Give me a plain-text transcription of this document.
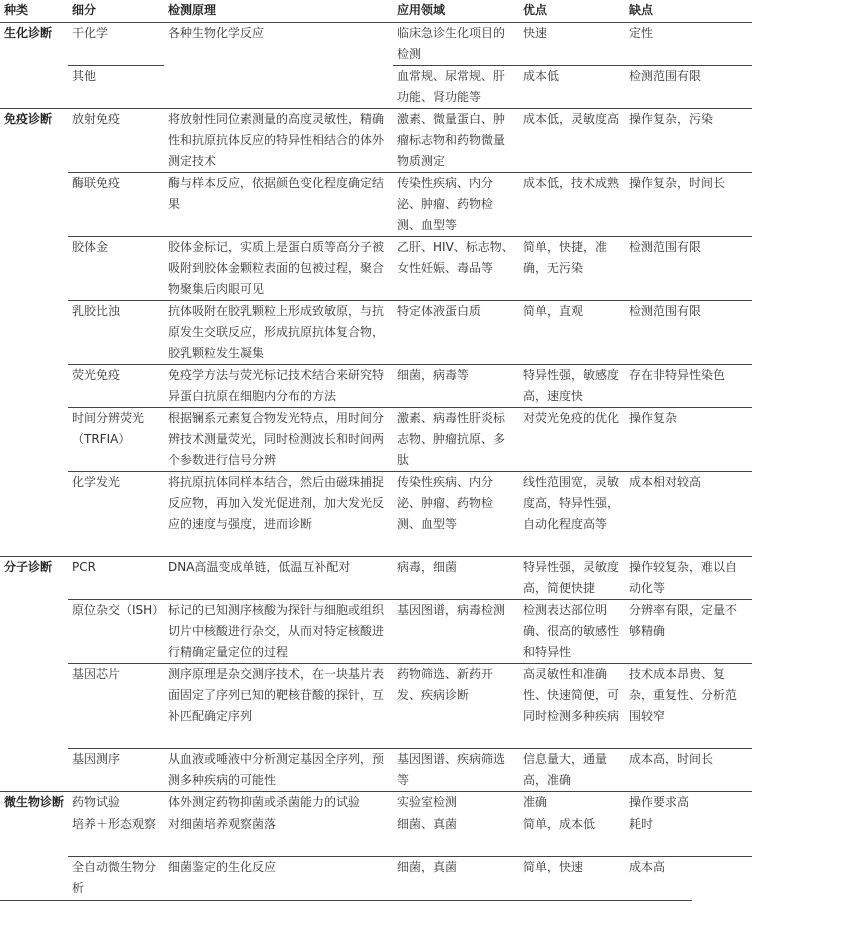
种类	细分	检测原理	应用领域	优点	缺点
生化诊断	干化学	各种生物化学反应	临床急诊生化项目的检测	快速	定性
	其他		血常规、尿常规、肝功能、肾功能等	成本低	检测范围有限
免疫诊断	放射免疫	将放射性同位素测量的高度灵敏性，精确性和抗原抗体反应的特异性相结合的体外测定技术	激素、微量蛋白、肿瘤标志物和药物微量物质测定	成本低，灵敏度高	操作复杂，污染
	酶联免疫	酶与样本反应，依据颜色变化程度确定结果	传染性疾病、内分泌、肿瘤、药物检测、血型等	成本低，技术成熟	操作复杂，时间长
	胶体金	胶体金标记，实质上是蛋白质等高分子被吸附到胶体金颗粒表面的包被过程，聚合物聚集后肉眼可见	乙肝、HIV、标志物、女性妊娠、毒品等	简单，快捷，准确，无污染	检测范围有限
	乳胶比浊	抗体吸附在胶乳颗粒上形成致敏原，与抗原发生交联反应，形成抗原抗体复合物，胶乳颗粒发生凝集	特定体液蛋白质	简单，直观	检测范围有限
	荧光免疫	免疫学方法与荧光标记技术结合来研究特异蛋白抗原在细胞内分布的方法	细菌，病毒等	特异性强，敏感度高，速度快	存在非特异性染色
	时间分辨荧光（TRFIA）	根据镧系元素复合物发光特点，用时间分辨技术测量荧光，同时检测波长和时间两个参数进行信号分辨	激素、病毒性肝炎标志物、肿瘤抗原、多肽	对荧光免疫的优化	操作复杂
	化学发光	将抗原抗体同样本结合，然后由磁珠捕捉反应物，再加入发光促进剂，加大发光反应的速度与强度，进而诊断	传染性疾病、内分泌、肿瘤、药物检测、血型等	线性范围宽，灵敏度高，特异性强，自动化程度高等	成本相对较高
分子诊断	PCR	DNA高温变成单链，低温互补配对	病毒，细菌	特异性强，灵敏度高，简便快捷	操作较复杂，难以自动化等
	原位杂交（ISH）	标记的已知测序核酸为探针与细胞或组织切片中核酸进行杂交，从而对特定核酸进行精确定量定位的过程	基因图谱，病毒检测	检测表达部位明确、很高的敏感性和特异性	分辨率有限，定量不够精确
	基因芯片	测序原理是杂交测序技术，在一块基片表面固定了序列已知的靶核苷酸的探针，互补匹配确定序列	药物筛选、新药开发、疾病诊断	高灵敏性和准确性、快速简便，可同时检测多种疾病	技术成本昂贵、复杂，重复性、分析范围较窄
	基因测序	从血液或唾液中分析测定基因全序列，预测多种疾病的可能性	基因图谱、疾病筛选等	信息量大，通量高，准确	成本高，时间长
微生物诊断	药物试验	体外测定药物抑菌或杀菌能力的试验	实验室检测	准确	操作要求高
	培养＋形态观察	对细菌培养观察菌落	细菌、真菌	简单，成本低	耗时
	全自动微生物分析	细菌鉴定的生化反应	细菌，真菌	简单，快速	成本高
